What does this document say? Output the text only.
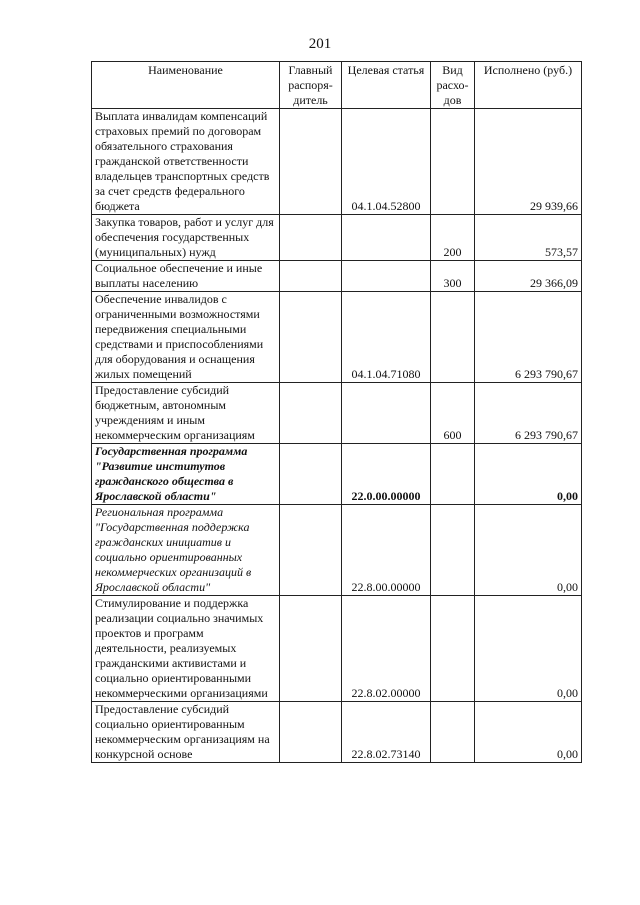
201
Наименование	Главный распоря-дитель	Целевая статья	Вид расхо-дов	Исполнено (руб.)
Выплата инвалидам компенсаций страховых премий по договорам обязательного страхования гражданской ответственности владельцев транспортных средств за счет средств федерального бюджета		04.1.04.52800		29 939,66
Закупка товаров, работ и услуг для обеспечения государственных (муниципальных) нужд			200	573,57
Социальное обеспечение и иные выплаты населению			300	29 366,09
Обеспечение инвалидов с ограниченными возможностями передвижения специальными средствами и приспособлениями для оборудования и оснащения жилых помещений		04.1.04.71080		6 293 790,67
Предоставление субсидий бюджетным, автономным учреждениям и иным некоммерческим организациям			600	6 293 790,67
Государственная программа "Развитие институтов гражданского общества в Ярославской области"		22.0.00.00000		0,00
Региональная программа "Государственная поддержка гражданских инициатив и социально ориентированных некоммерческих организаций в Ярославской области"		22.8.00.00000		0,00
Стимулирование и поддержка реализации социально значимых проектов и программ деятельности, реализуемых гражданскими активистами и социально ориентированными некоммерческими организациями		22.8.02.00000		0,00
Предоставление субсидий социально ориентированным некоммерческим организациям на конкурсной основе		22.8.02.73140		0,00
